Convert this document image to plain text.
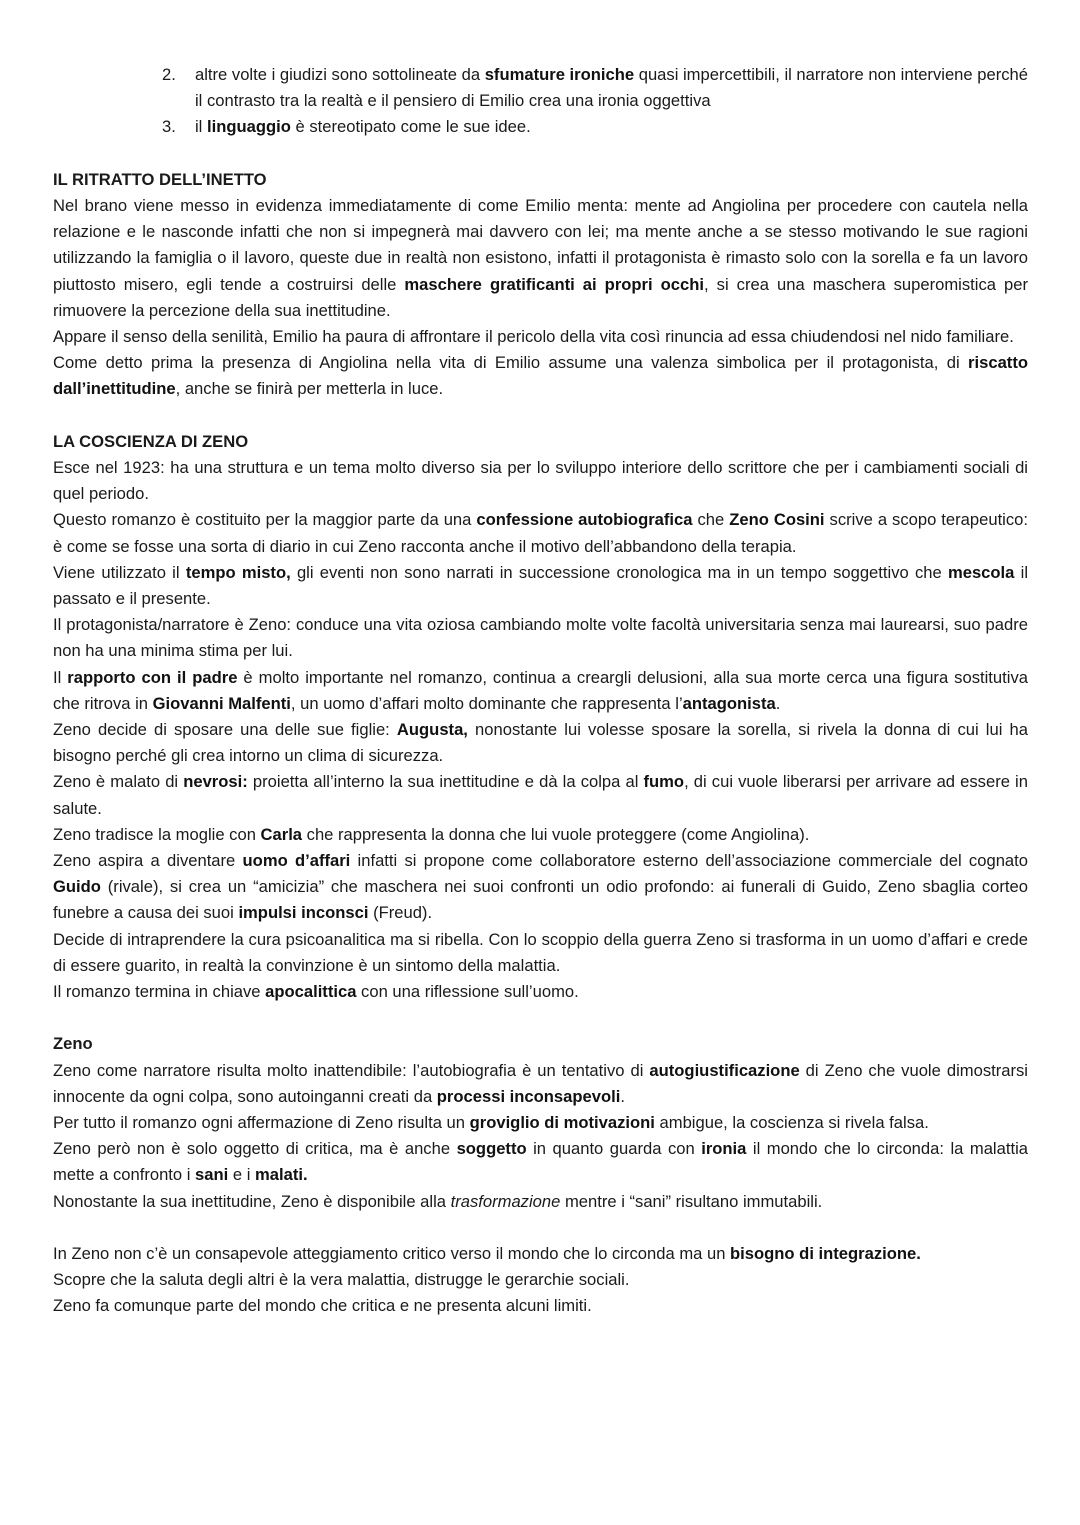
2. altre volte i giudizi sono sottolineate da sfumature ironiche quasi impercettibili, il narratore non interviene perché il contrasto tra la realtà e il pensiero di Emilio crea una ironia oggettiva
3. il linguaggio è stereotipato come le sue idee.

IL RITRATTO DELL’INETTO

Nel brano viene messo in evidenza immediatamente di come Emilio menta: mente ad Angiolina per procedere con cautela nella relazione e le nasconde infatti che non si impegnerà mai davvero con lei; ma mente anche a se stesso motivando le sue ragioni utilizzando la famiglia o il lavoro, queste due in realtà non esistono, infatti il protagonista è rimasto solo con la sorella e fa un lavoro piuttosto misero, egli tende a costruirsi delle maschere gratificanti ai propri occhi, si crea una maschera superomistica per rimuovere la percezione della sua inettitudine.

Appare il senso della senilità, Emilio ha paura di affrontare il pericolo della vita così rinuncia ad essa chiudendosi nel nido familiare.

Come detto prima la presenza di Angiolina nella vita di Emilio assume una valenza simbolica per il protagonista, di riscatto dall’inettitudine, anche se finirà per metterla in luce.

LA COSCIENZA DI ZENO

Esce nel 1923: ha una struttura e un tema molto diverso sia per lo sviluppo interiore dello scrittore che per i cambiamenti sociali di quel periodo.

Questo romanzo è costituito per la maggior parte da una confessione autobiografica che Zeno Cosini scrive a scopo terapeutico: è come se fosse una sorta di diario in cui Zeno racconta anche il motivo dell’abbandono della terapia.

Viene utilizzato il tempo misto, gli eventi non sono narrati in successione cronologica ma in un tempo soggettivo che mescola il passato e il presente.

Il protagonista/narratore è Zeno: conduce una vita oziosa cambiando molte volte facoltà universitaria senza mai laurearsi, suo padre non ha una minima stima per lui.

Il rapporto con il padre è molto importante nel romanzo, continua a creargli delusioni, alla sua morte cerca una figura sostitutiva che ritrova in Giovanni Malfenti, un uomo d’affari molto dominante che rappresenta l’antagonista.

Zeno decide di sposare una delle sue figlie: Augusta, nonostante lui volesse sposare la sorella, si rivela la donna di cui lui ha bisogno perché gli crea intorno un clima di sicurezza.

Zeno è malato di nevrosi: proietta all’interno la sua inettitudine e dà la colpa al fumo, di cui vuole liberarsi per arrivare ad essere in salute.

Zeno tradisce la moglie con Carla che rappresenta la donna che lui vuole proteggere (come Angiolina).

Zeno aspira a diventare uomo d’affari infatti si propone come collaboratore esterno dell’associazione commerciale del cognato Guido (rivale), si crea un “amicizia” che maschera nei suoi confronti un odio profondo: ai funerali di Guido, Zeno sbaglia corteo funebre a causa dei suoi impulsi inconsci (Freud).

Decide di intraprendere la cura psicoanalitica ma si ribella. Con lo scoppio della guerra Zeno si trasforma in un uomo d’affari e crede di essere guarito, in realtà la convinzione è un sintomo della malattia.

Il romanzo termina in chiave apocalittica con una riflessione sull’uomo.

Zeno

Zeno come narratore risulta molto inattendibile: l’autobiografia è un tentativo di autogiustificazione di Zeno che vuole dimostrarsi innocente da ogni colpa, sono autoinganni creati da processi inconsapevoli.

Per tutto il romanzo ogni affermazione di Zeno risulta un groviglio di motivazioni ambigue, la coscienza si rivela falsa.

Zeno però non è solo oggetto di critica, ma è anche soggetto in quanto guarda con ironia il mondo che lo circonda: la malattia mette a confronto i sani e i malati.

Nonostante la sua inettitudine, Zeno è disponibile alla trasformazione mentre i “sani” risultano immutabili.

In Zeno non c’è un consapevole atteggiamento critico verso il mondo che lo circonda ma un bisogno di integrazione.

Scopre che la saluta degli altri è la vera malattia, distrugge le gerarchie sociali.

Zeno fa comunque parte del mondo che critica e ne presenta alcuni limiti.
